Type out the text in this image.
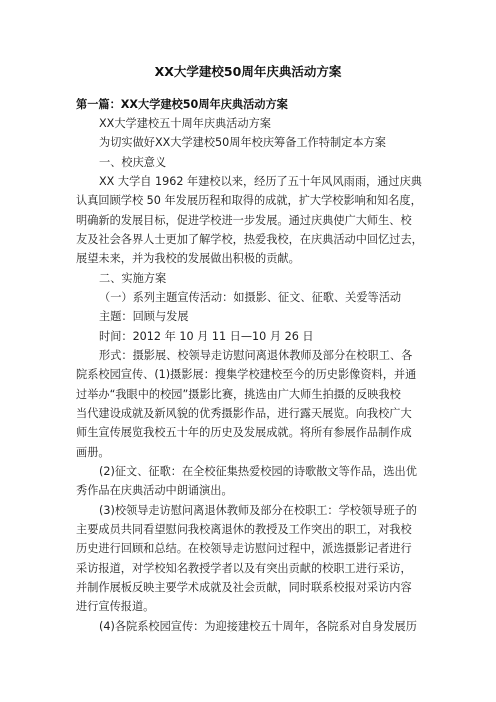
XX大学建校50周年庆典活动方案
第一篇：XX大学建校50周年庆典活动方案
XX大学建校五十周年庆典活动方案
为切实做好XX大学建校50周年校庆筹备工作特制定本方案
一、校庆意义
XX 大学自 1962 年建校以来，经历了五十年风风雨雨，通过庆典
认真回顾学校 50 年发展历程和取得的成就，扩大学校影响和知名度，
明确新的发展目标，促进学校进一步发展。通过庆典使广大师生、校
友及社会各界人士更加了解学校，热爱我校，在庆典活动中回忆过去，
展望未来，并为我校的发展做出积极的贡献。
二、实施方案
（一）系列主题宣传活动：如摄影、征文、征歌、关爱等活动
主题：回顾与发展
时间：2012 年 10 月 11 日—10 月 26 日
形式：摄影展、校领导走访慰问离退休教师及部分在校职工、各
院系校园宣传、(1)摄影展：搜集学校建校至今的历史影像资料，并通
过举办“我眼中的校园”摄影比赛，挑选由广大师生拍摄的反映我校
当代建设成就及新风貌的优秀摄影作品，进行露天展览。向我校广大
师生宣传展览我校五十年的历史及发展成就。将所有参展作品制作成
画册。
(2)征文、征歌：在全校征集热爱校园的诗歌散文等作品，选出优
秀作品在庆典活动中朗诵演出。
(3)校领导走访慰问离退休教师及部分在校职工：学校领导班子的
主要成员共同看望慰问我校离退休的教授及工作突出的职工，对我校
历史进行回顾和总结。在校领导走访慰问过程中，派选摄影记者进行
采访报道，对学校知名教授学者以及有突出贡献的校职工进行采访，
并制作展板反映主要学术成就及社会贡献，同时联系校报对采访内容
进行宣传报道。
(4)各院系校园宣传：为迎接建校五十周年，各院系对自身发展历
